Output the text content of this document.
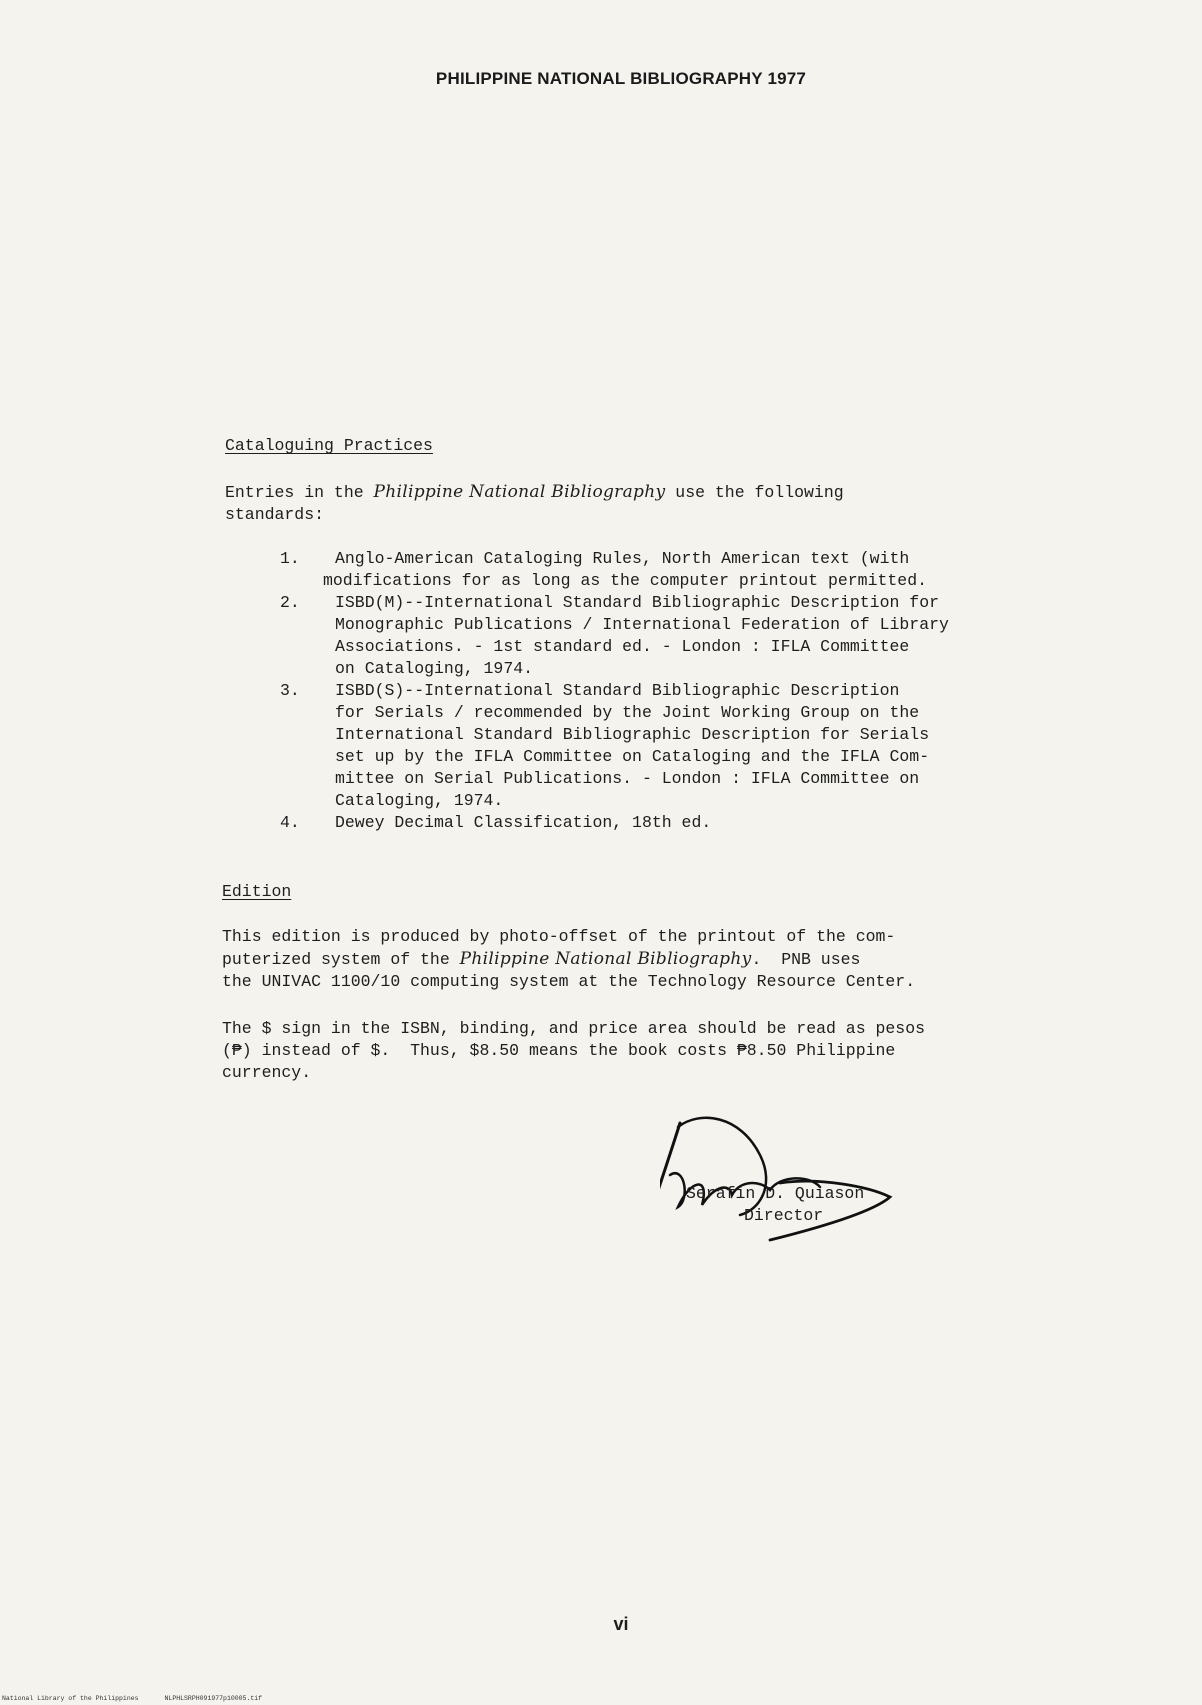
PHILIPPINE NATIONAL BIBLIOGRAPHY 1977
Cataloguing Practices
Entries in the Philippine National Bibliography use the following
standards:
1. Anglo-American Cataloging Rules, North American text (with
modifications for as long as the computer printout permitted.
2. ISBD(M)--International Standard Bibliographic Description for
Monographic Publications / International Federation of Library
Associations. - 1st standard ed. - London : IFLA Committee
on Cataloging, 1974.
3. ISBD(S)--International Standard Bibliographic Description
for Serials / recommended by the Joint Working Group on the
International Standard Bibliographic Description for Serials
set up by the IFLA Committee on Cataloging and the IFLA Com-
mittee on Serial Publications. - London : IFLA Committee on
Cataloging, 1974.
4. Dewey Decimal Classification, 18th ed.
Edition
This edition is produced by photo-offset of the printout of the com-
puterized system of the Philippine National Bibliography.  PNB uses
the UNIVAC 1100/10 computing system at the Technology Resource Center.
The $ sign in the ISBN, binding, and price area should be read as pesos
(₱) instead of $.  Thus, $8.50 means the book costs ₱8.50 Philippine
currency.
Serafin D. Quiason
Director
vi
National Library of the Philippines	NLPHLSRPH091977p10005.tif
